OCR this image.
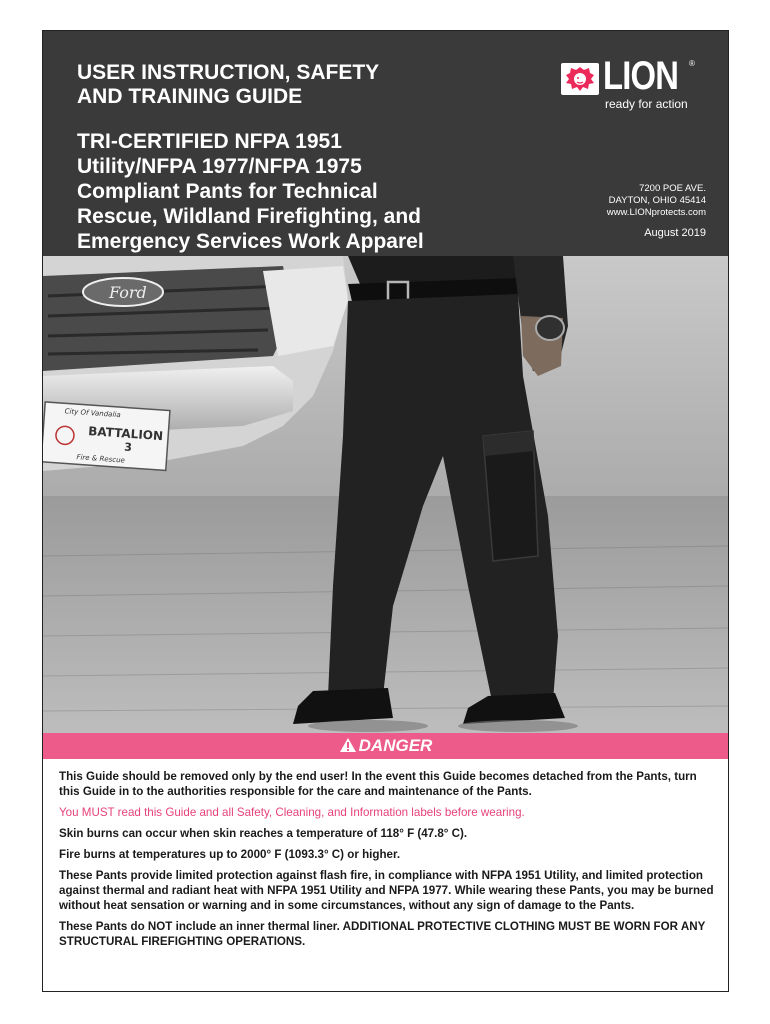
USER INSTRUCTION, SAFETY
AND TRAINING GUIDE
TRI-CERTIFIED NFPA 1951
Utility/NFPA 1977/NFPA 1975
Compliant Pants for Technical
Rescue, Wildland Firefighting, and
Emergency Services Work Apparel
LION ®
ready for action
7200 POE AVE.
DAYTON, OHIO 45414
www.LIONprotects.com
August 2019
Ford
City Of Vandalia
BATTALION
3
Fire & Rescue
DANGER

This Guide should be removed only by the end user! In the event this Guide becomes detached from the Pants, turn this Guide in to the authorities responsible for the care and maintenance of the Pants.

You MUST read this Guide and all Safety, Cleaning, and Information labels before wearing.

Skin burns can occur when skin reaches a temperature of 118° F (47.8° C).

Fire burns at temperatures up to 2000° F (1093.3° C) or higher.

These Pants provide limited protection against flash fire, in compliance with NFPA 1951 Utility, and limited protection against thermal and radiant heat with NFPA 1951 Utility and NFPA 1977. While wearing these Pants, you may be burned without heat sensation or warning and in some circumstances, without any sign of damage to the Pants.

These Pants do NOT include an inner thermal liner. ADDITIONAL PROTECTIVE CLOTHING MUST BE WORN FOR ANY STRUCTURAL FIREFIGHTING OPERATIONS.
